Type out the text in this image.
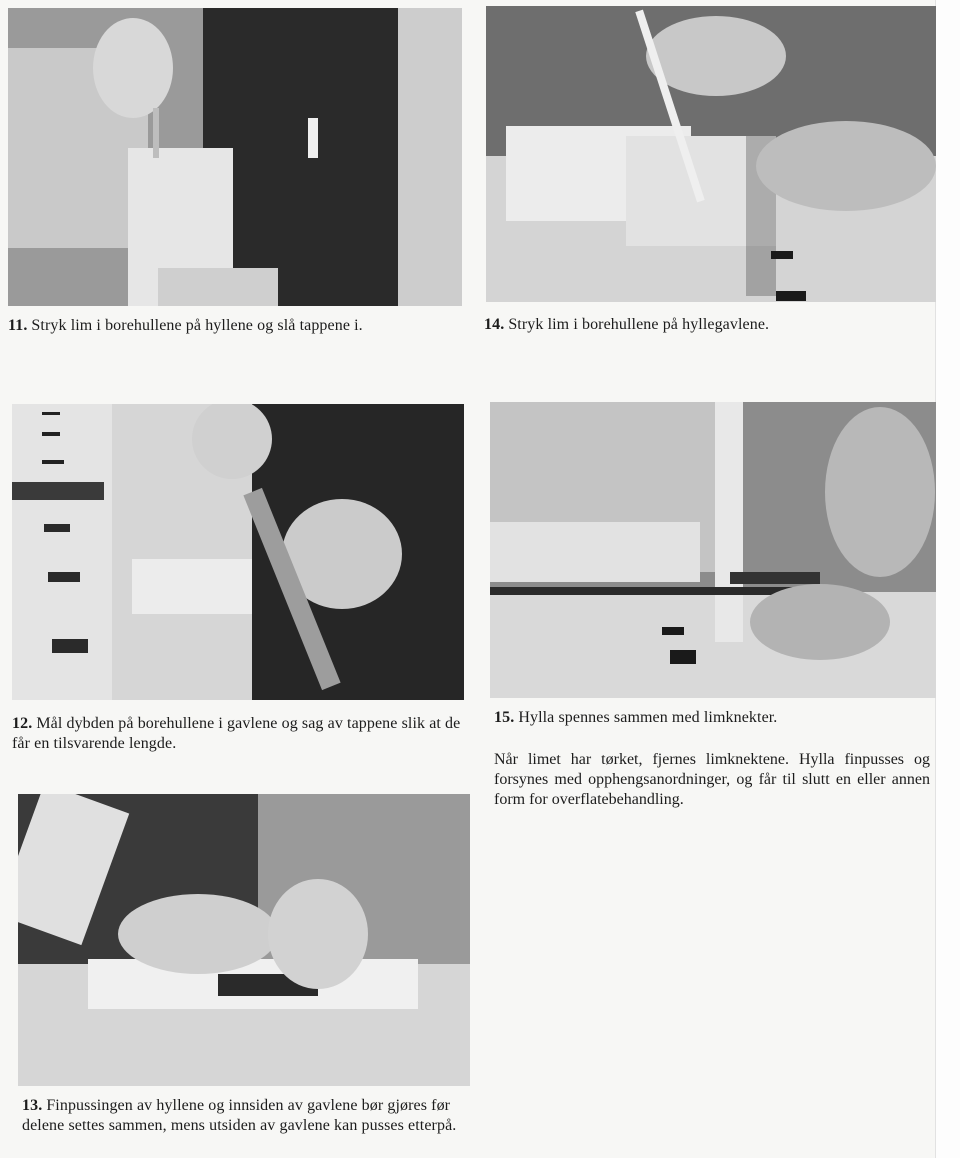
11. Stryk lim i borehullene på hyllene og slå tappene i.	14. Stryk lim i borehullene på hyllegavlene.
12. Mål dybden på borehullene i gavlene og sag av tappene slik at de får en tilsvarende lengde.
15. Hylla spennes sammen med limknekter.
Når limet har tørket, fjernes limknektene. Hylla finpusses og forsynes med opphengsanordninger, og får til slutt en eller annen form for overflatebehandling.
13. Finpussingen av hyllene og innsiden av gavlene bør gjøres før delene settes sammen, mens utsiden av gavlene kan pusses etterpå.
